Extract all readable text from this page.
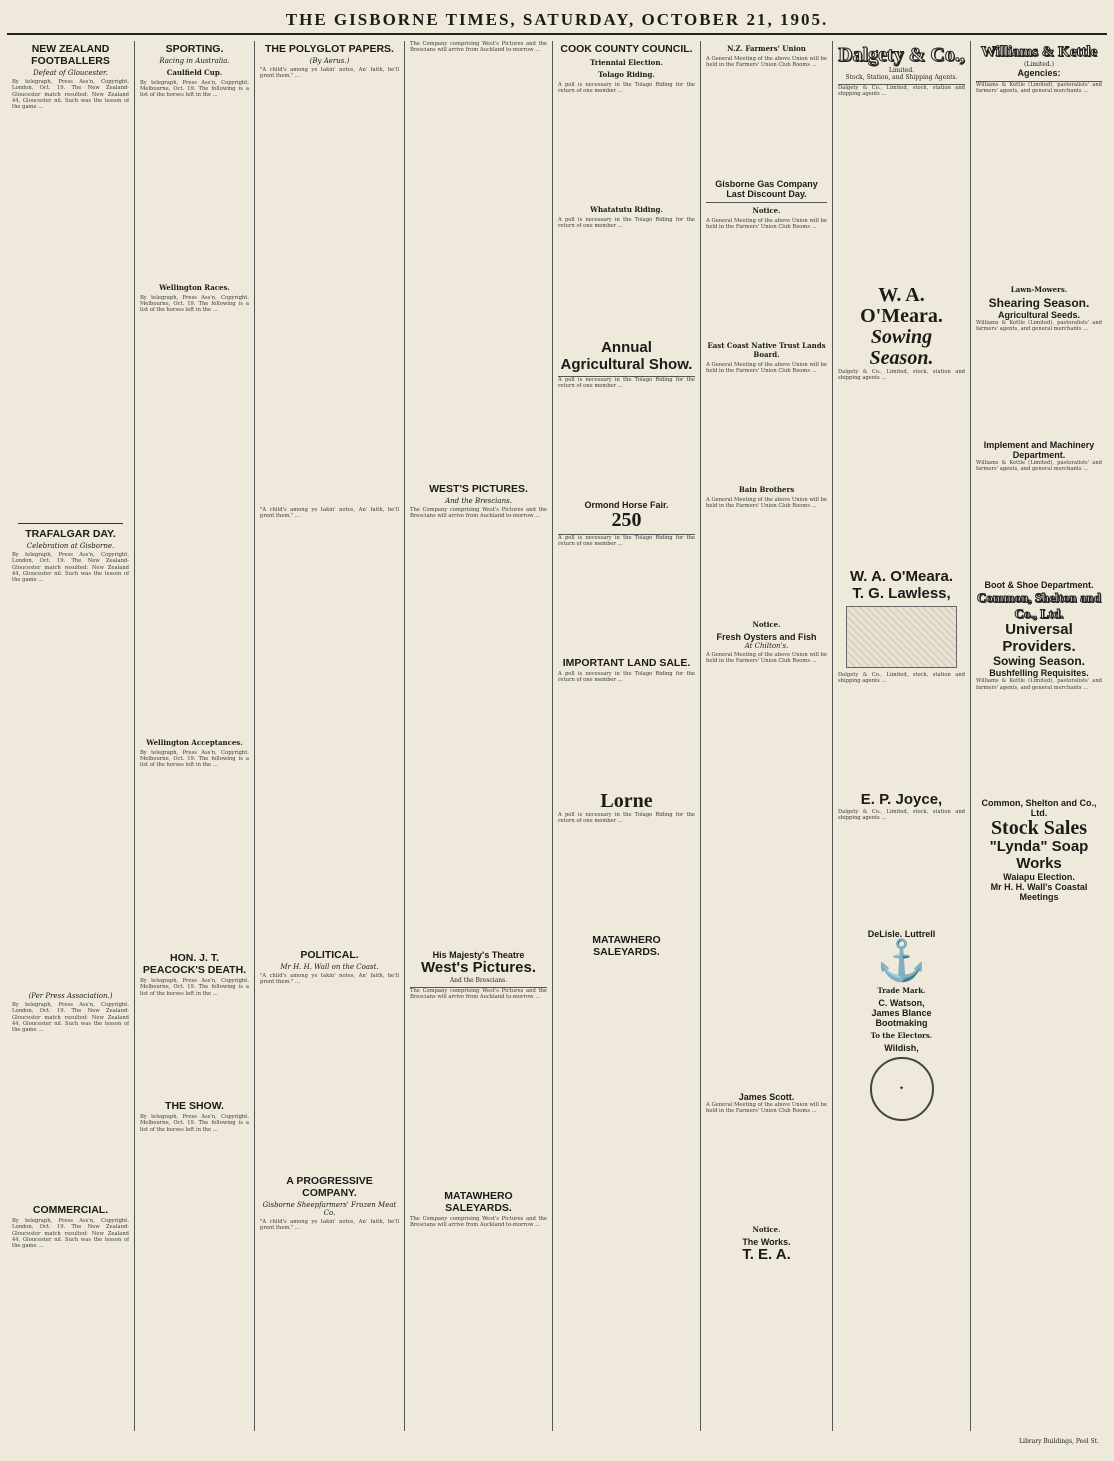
THE GISBORNE TIMES, SATURDAY, OCTOBER 21, 1905.
NEW ZEALAND FOOTBALLERS
Defeat of Gloucester.
By telegraph, Press Ass'n, Copyright. London, Oct. 19. The New Zealand-Gloucester match resulted: New Zealand 44, Gloucester nil. Such was the lesson of the game ...
TRAFALGAR DAY.
Celebration at Gisborne.
By telegraph, Press Ass'n, Copyright. London, Oct. 19. The New Zealand-Gloucester match resulted: New Zealand 44, Gloucester nil. Such was the lesson of the game ...
(Per Press Association.)
By telegraph, Press Ass'n, Copyright. London, Oct. 19. The New Zealand-Gloucester match resulted: New Zealand 44, Gloucester nil. Such was the lesson of the game ...
COMMERCIAL.
By telegraph, Press Ass'n, Copyright. London, Oct. 19. The New Zealand-Gloucester match resulted: New Zealand 44, Gloucester nil. Such was the lesson of the game ...
SPORTING.
Racing in Australia.
Caulfield Cup.
By telegraph, Press Ass'n, Copyright. Melbourne, Oct. 19. The following is a list of the horses left in the ...
Wellington Races.
By telegraph, Press Ass'n, Copyright. Melbourne, Oct. 19. The following is a list of the horses left in the ...
Wellington Acceptances.
By telegraph, Press Ass'n, Copyright. Melbourne, Oct. 19. The following is a list of the horses left in the ...
HON. J. T. PEACOCK'S DEATH.
By telegraph, Press Ass'n, Copyright. Melbourne, Oct. 19. The following is a list of the horses left in the ...
THE SHOW.
By telegraph, Press Ass'n, Copyright. Melbourne, Oct. 19. The following is a list of the horses left in the ...
THE POLYGLOT PAPERS.
(By Aerus.)
"A child's among ye takin' notes, An' faith, he'll prent them." ...
"A child's among ye takin' notes, An' faith, he'll prent them." ...
POLITICAL.
Mr H. H. Wall on the Coast.
"A child's among ye takin' notes, An' faith, he'll prent them." ...
A PROGRESSIVE COMPANY.
Gisborne Sheepfarmers' Frozen Meat Co.
"A child's among ye takin' notes, An' faith, he'll prent them." ...
The Company comprising West's Pictures and the Brescians will arrive from Auckland to-morrow ...
WEST'S PICTURES.
And the Brescians.
The Company comprising West's Pictures and the Brescians will arrive from Auckland to-morrow ...
His Majesty's Theatre
West's Pictures.
And the Brescians.
The Company comprising West's Pictures and the Brescians will arrive from Auckland to-morrow ...
MATAWHERO SALEYARDS.
The Company comprising West's Pictures and the Brescians will arrive from Auckland to-morrow ...
COOK COUNTY COUNCIL.
Triennial Election.
Tolago Riding.
A poll is necessary in the Tolago Riding for the return of one member ...
Whatatutu Riding.
A poll is necessary in the Tolago Riding for the return of one member ...
Annual Agricultural Show.
A poll is necessary in the Tolago Riding for the return of one member ...
Ormond Horse Fair.
250
A poll is necessary in the Tolago Riding for the return of one member ...
IMPORTANT LAND SALE.
A poll is necessary in the Tolago Riding for the return of one member ...
Lorne
A poll is necessary in the Tolago Riding for the return of one member ...
MATAWHERO SALEYARDS.
N.Z. Farmers' Union
A General Meeting of the above Union will be held in the Farmers' Union Club Rooms ...
Gisborne Gas Company
Last Discount Day.
Notice.
A General Meeting of the above Union will be held in the Farmers' Union Club Rooms ...
East Coast Native Trust Lands Board.
A General Meeting of the above Union will be held in the Farmers' Union Club Rooms ...
Bain Brothers
A General Meeting of the above Union will be held in the Farmers' Union Club Rooms ...
Notice.
Fresh Oysters and Fish
At Chilton's.
A General Meeting of the above Union will be held in the Farmers' Union Club Rooms ...
James Scott.
A General Meeting of the above Union will be held in the Farmers' Union Club Rooms ...
Notice.
The Works.
T. E. A.
Dalgety & Co.,
Limited.
Stock, Station, and Shipping Agents.
Dalgety & Co., Limited, stock, station and shipping agents ...
W. A. O'Meara.
Sowing Season.
Dalgety & Co., Limited, stock, station and shipping agents ...
W. A. O'Meara.
T. G. Lawless,
Dalgety & Co., Limited, stock, station and shipping agents ...
E. P. Joyce,
Dalgety & Co., Limited, stock, station and shipping agents ...
DeLisle. Luttrell
⚓
Trade Mark.
C. Watson,
James Blance
Bootmaking
To the Electors.
Wildish,
✦
Williams & Kettle
(Limited.)
Agencies:
Williams & Kettle (Limited), pastoralists' and farmers' agents, and general merchants ...
Lawn-Mowers.
Shearing Season.
Agricultural Seeds.
Williams & Kettle (Limited), pastoralists' and farmers' agents, and general merchants ...
Implement and Machinery Department.
Williams & Kettle (Limited), pastoralists' and farmers' agents, and general merchants ...
Boot & Shoe Department.
Common, Shelton and Co., Ltd.
Universal Providers.
Sowing Season.
Bushfelling Requisites.
Williams & Kettle (Limited), pastoralists' and farmers' agents, and general merchants ...
Common, Shelton and Co., Ltd.
Stock Sales
"Lynda" Soap Works
Waiapu Election.
Mr H. H. Wall's Coastal Meetings
Library Buildings, Peel St.
